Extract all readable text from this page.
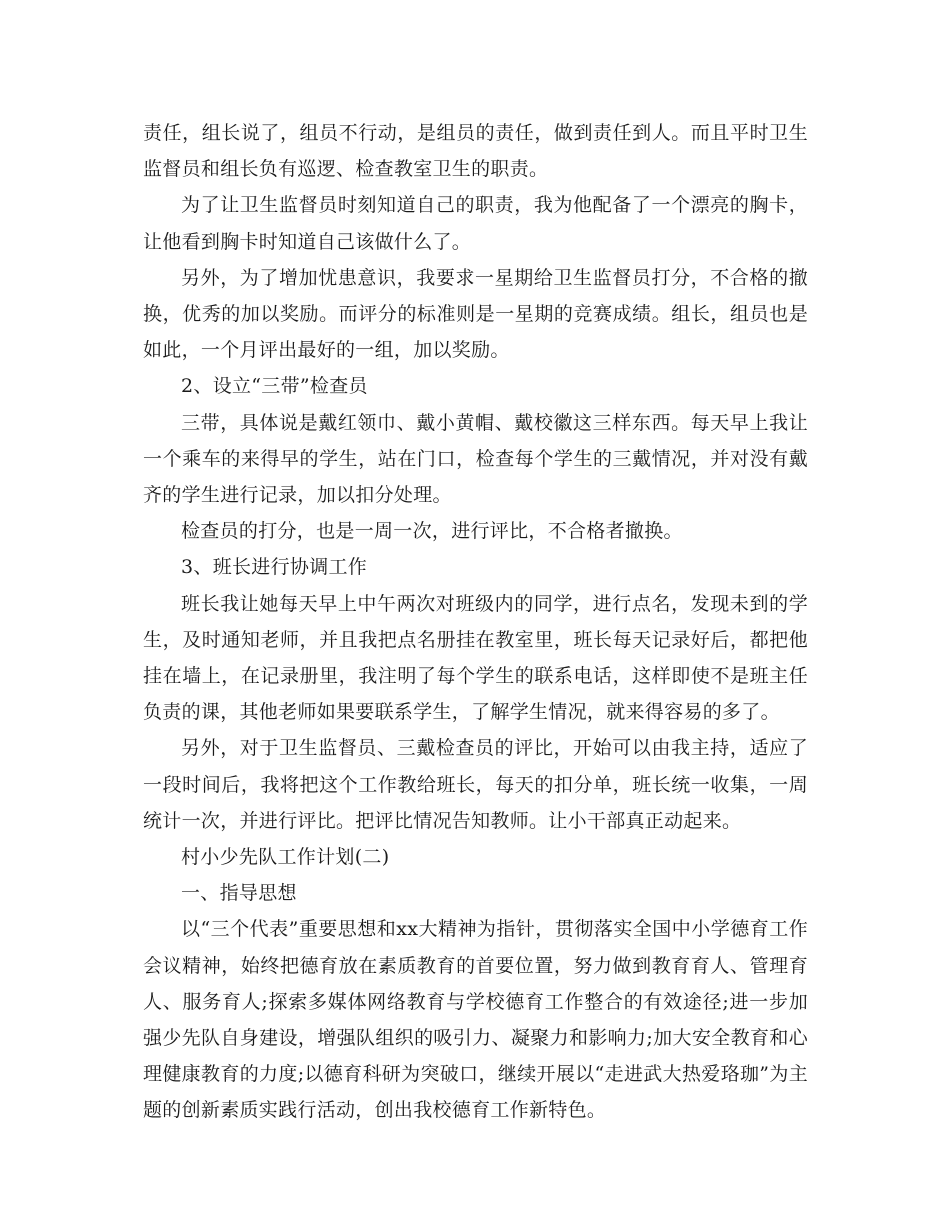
责任，组长说了，组员不行动，是组员的责任，做到责任到人。而且平时卫生监督员和组长负有巡逻、检查教室卫生的职责。

为了让卫生监督员时刻知道自己的职责，我为他配备了一个漂亮的胸卡，让他看到胸卡时知道自己该做什么了。

另外，为了增加忧患意识，我要求一星期给卫生监督员打分，不合格的撤换，优秀的加以奖励。而评分的标准则是一星期的竞赛成绩。组长，组员也是如此，一个月评出最好的一组，加以奖励。

2、设立“三带”检查员

三带，具体说是戴红领巾、戴小黄帽、戴校徽这三样东西。每天早上我让一个乘车的来得早的学生，站在门口，检查每个学生的三戴情况，并对没有戴齐的学生进行记录，加以扣分处理。

检查员的打分，也是一周一次，进行评比，不合格者撤换。

3、班长进行协调工作

班长我让她每天早上中午两次对班级内的同学，进行点名，发现未到的学生，及时通知老师，并且我把点名册挂在教室里，班长每天记录好后，都把他挂在墙上，在记录册里，我注明了每个学生的联系电话，这样即使不是班主任负责的课，其他老师如果要联系学生，了解学生情况，就来得容易的多了。

另外，对于卫生监督员、三戴检查员的评比，开始可以由我主持，适应了一段时间后，我将把这个工作教给班长，每天的扣分单，班长统一收集，一周统计一次，并进行评比。把评比情况告知教师。让小干部真正动起来。

村小少先队工作计划(二)

一、指导思想

以“三个代表”重要思想和xx大精神为指针，贯彻落实全国中小学德育工作会议精神，始终把德育放在素质教育的首要位置，努力做到教育育人、管理育人、服务育人;探索多媒体网络教育与学校德育工作整合的有效途径;进一步加强少先队自身建设，增强队组织的吸引力、凝聚力和影响力;加大安全教育和心理健康教育的力度;以德育科研为突破口，继续开展以“走进武大热爱珞珈”为主题的创新素质实践行活动，创出我校德育工作新特色。
